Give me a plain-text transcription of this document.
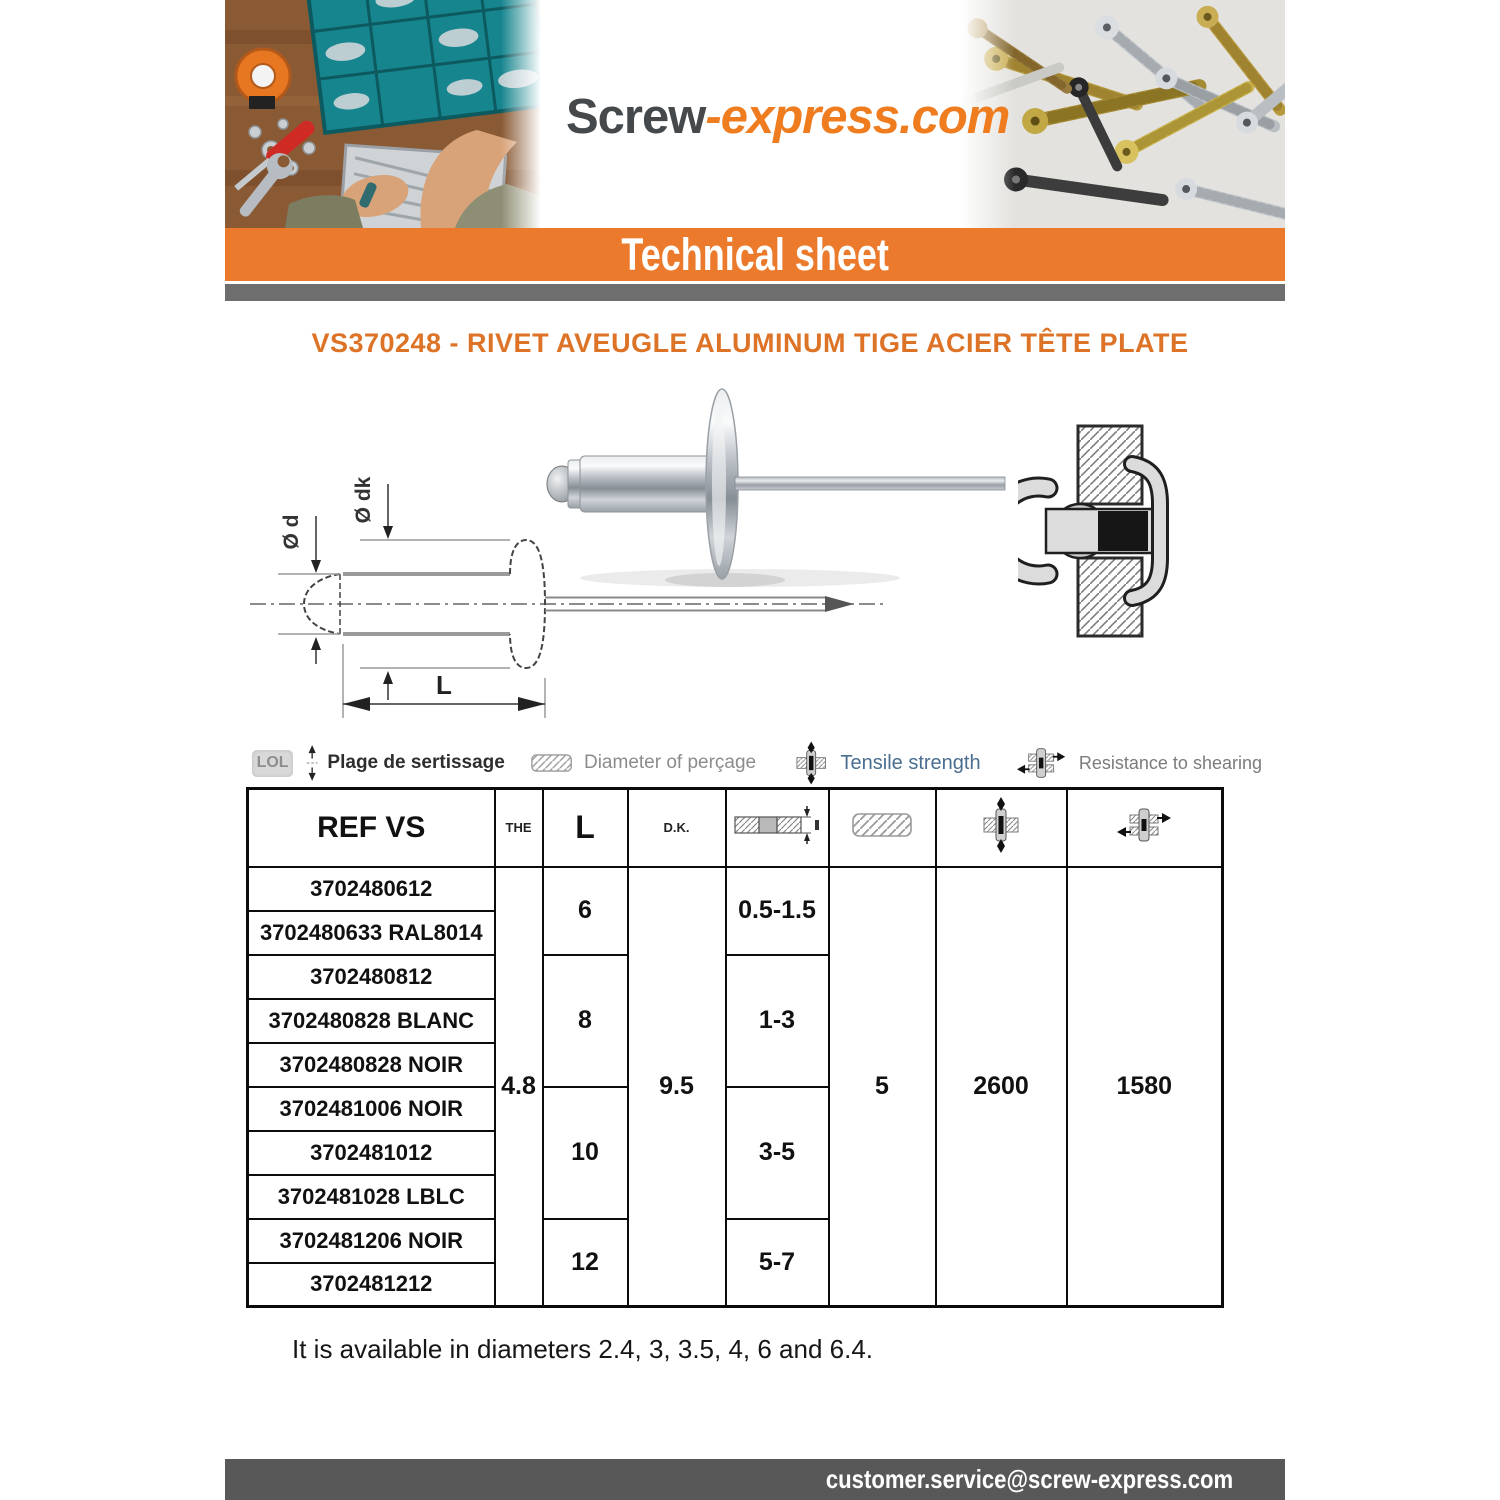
Screw-express.com
Technical sheet
VS370248 - RIVET AVEUGLE ALUMINUM TIGE ACIER TÊTE PLATE
Ø dk
Ø d
L
LOL Plage de sertissage	Diameter of perçage	Tensile strength	Resistance to shearing
REF VS	THE	L	D.K.				
3702480612	4.8	6	9.5	0.5-1.5	5	2600	1580
3702480633 RAL8014							
3702480812		8		1-3			
3702480828 BLANC							
3702480828 NOIR							
3702481006 NOIR		10		3-5			
3702481012							
3702481028 LBLC							
3702481206 NOIR		12		5-7			
3702481212							
It is available in diameters 2.4, 3, 3.5, 4, 6 and 6.4.
customer.service@screw-express.com
